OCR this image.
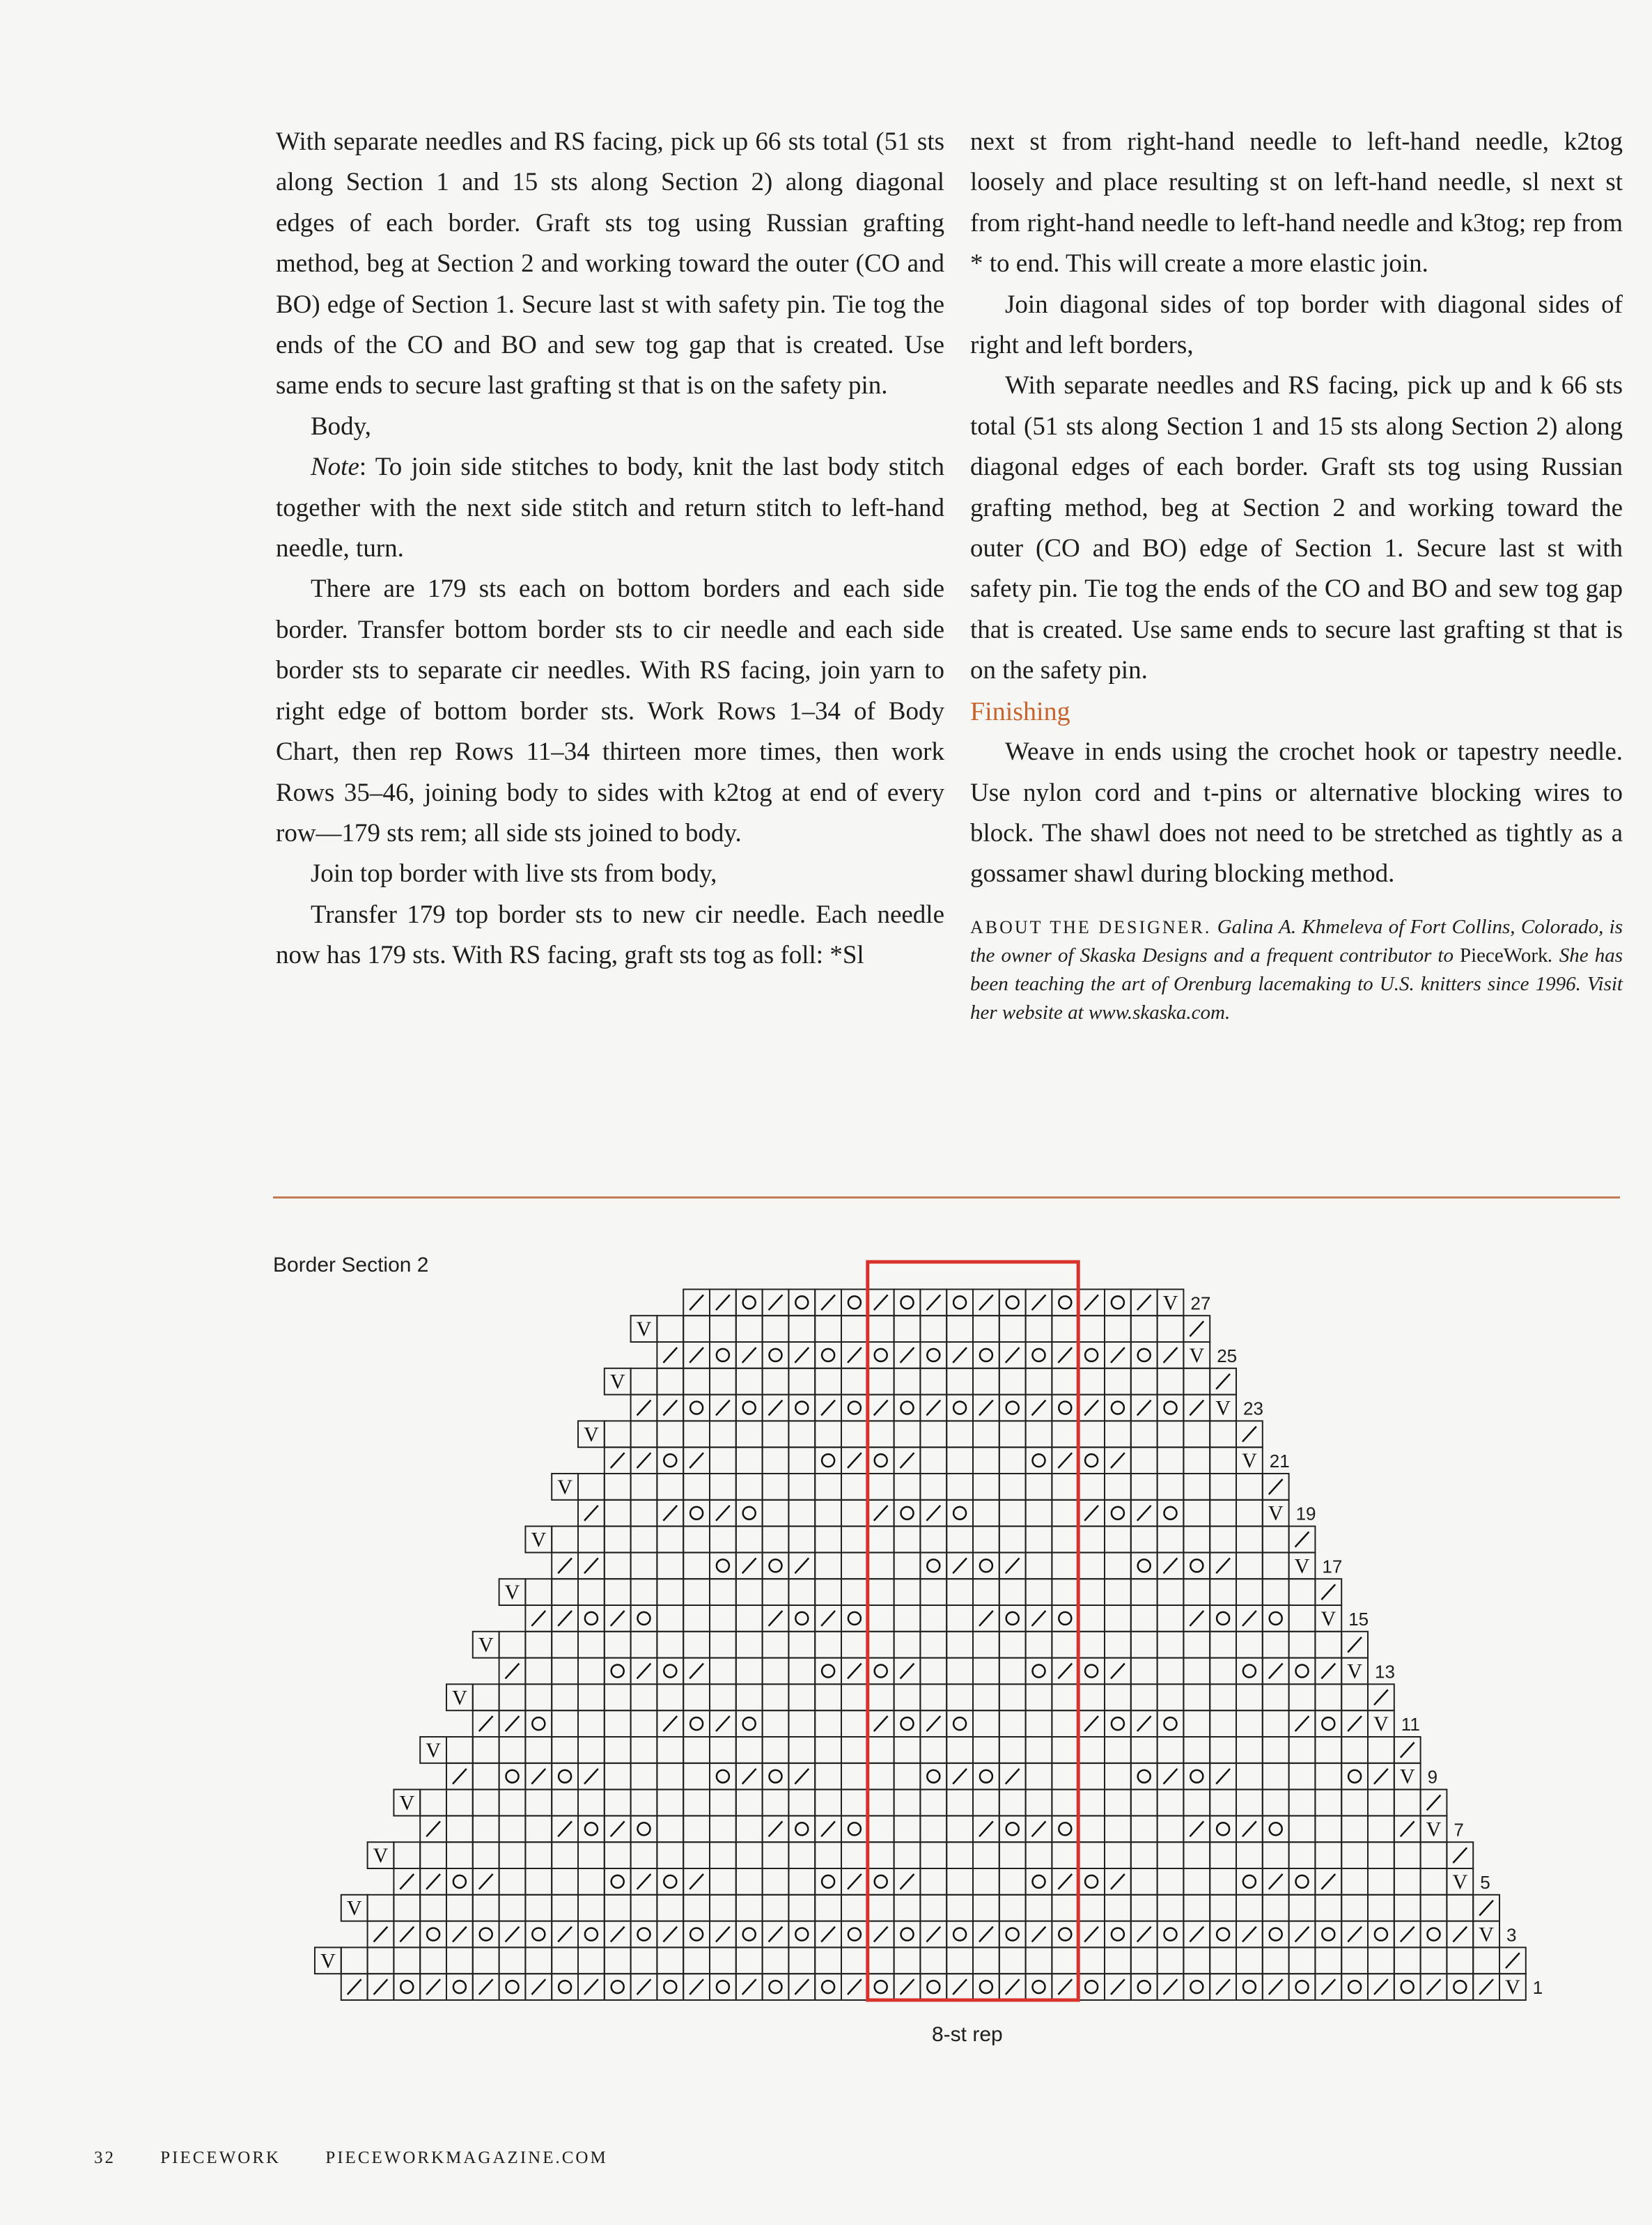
With separate needles and RS facing, pick up 66 sts total (51 sts along Section 1 and 15 sts along Section 2) along diagonal edges of each border. Graft sts tog using Russian grafting method, beg at Section 2 and working toward the outer (CO and BO) edge of Section 1. Secure last st with safety pin. Tie tog the ends of the CO and BO and sew tog gap that is created. Use same ends to secure last grafting st that is on the safety pin.

Body,

Note: To join side stitches to body, knit the last body stitch together with the next side stitch and return stitch to left-hand needle, turn.

There are 179 sts each on bottom borders and each side border. Transfer bottom border sts to cir needle and each side border sts to separate cir needles. With RS facing, join yarn to right edge of bottom border sts. Work Rows 1–34 of Body Chart, then rep Rows 11–34 thirteen more times, then work Rows 35–46, joining body to sides with k2tog at end of every row—179 sts rem; all side sts joined to body.

Join top border with live sts from body,

Transfer 179 top border sts to new cir needle. Each needle now has 179 sts. With RS facing, graft sts tog as foll: *Sl

next st from right-hand needle to left-hand needle, k2tog loosely and place resulting st on left-hand needle, sl next st from right-hand needle to left-hand needle and k3tog; rep from * to end. This will create a more elastic join.

Join diagonal sides of top border with diagonal sides of right and left borders,

With separate needles and RS facing, pick up and k 66 sts total (51 sts along Section 1 and 15 sts along Section 2) along diagonal edges of each border. Graft sts tog using Russian grafting method, beg at Section 2 and working toward the outer (CO and BO) edge of Section 1. Secure last st with safety pin. Tie tog the ends of the CO and BO and sew tog gap that is created. Use same ends to secure last grafting st that is on the safety pin.

Finishing

Weave in ends using the crochet hook or tapestry needle. Use nylon cord and t-pins or alternative blocking wires to block. The shawl does not need to be stretched as tightly as a gossamer shawl during blocking method.

ABOUT THE DESIGNER. Galina A. Khmeleva of Fort Collins, Colorado, is the owner of Skaska Designs and a frequent contributor to PieceWork. She has been teaching the art of Orenburg lacemaking to U.S. knitters since 1996. Visit her website at www.skaska.com.

Border Section 2
V
V
V
V
V
V
V
V
V
V
V
V
V
V
V
V
V
V
V
V
V
V
V
V
V
V
V
1
3
5
7
9
11
13
15
17
19
21
23
25
27
8-st rep
32	PIECEWORK	PIECEWORKMAGAZINE.COM
